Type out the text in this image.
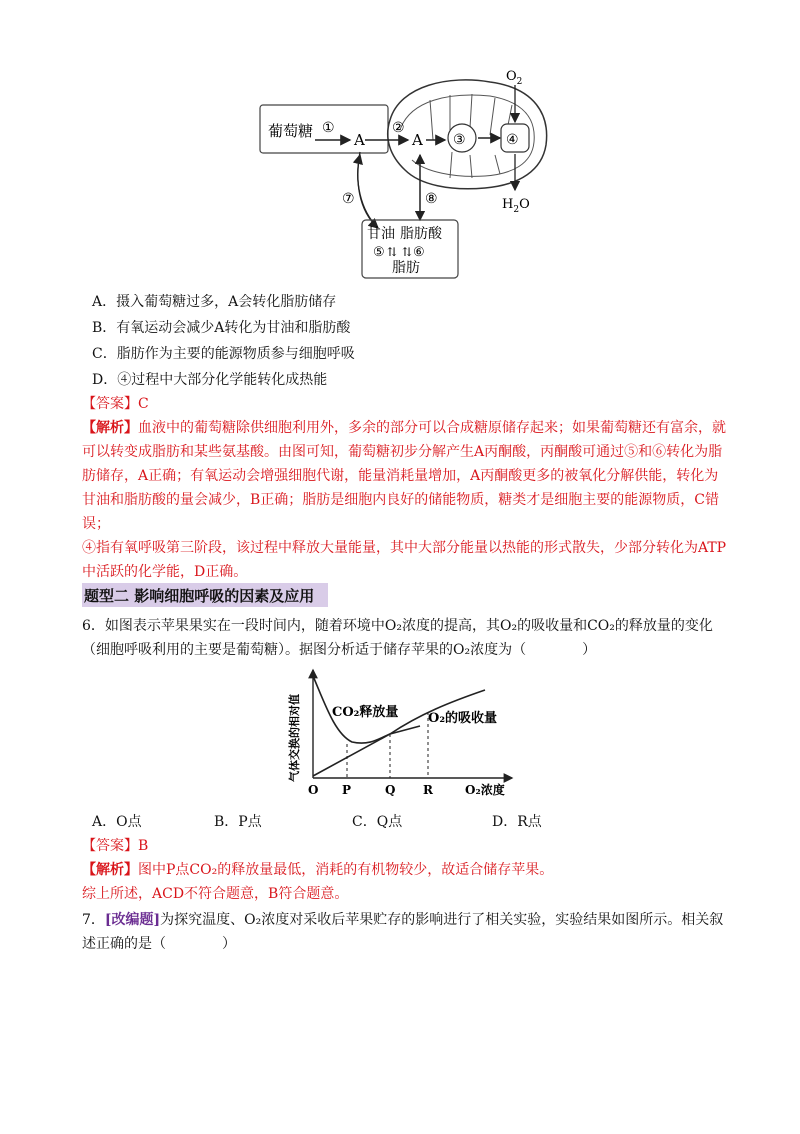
葡萄糖 ①
A
②
A ③	④
$O_2$
$H_2O$
⑦	⑧
甘油 脂肪酸
⑤ ⇅ ⇅ ⑥
脂肪
A．摄入葡萄糖过多，A会转化脂肪储存
B．有氧运动会减少A转化为甘油和脂肪酸
C．脂肪作为主要的能源物质参与细胞呼吸
D．④过程中大部分化学能转化成热能
【答案】C
【解析】血液中的葡萄糖除供细胞利用外，多余的部分可以合成糖原储存起来；如果葡萄糖还有富余，就
可以转变成脂肪和某些氨基酸。由图可知，葡萄糖初步分解产生A丙酮酸，丙酮酸可通过⑤和⑥转化为脂
肪储存，A正确；有氧运动会增强细胞代谢，能量消耗量增加，A丙酮酸更多的被氧化分解供能，转化为
甘油和脂肪酸的量会减少，B正确；脂肪是细胞内良好的储能物质，糖类才是细胞主要的能源物质，C错
误；
④指有氧呼吸第三阶段，该过程中释放大量能量，其中大部分能量以热能的形式散失，少部分转化为ATP
中活跃的化学能，D正确。
题型二 影响细胞呼吸的因素及应用
6．如图表示苹果果实在一段时间内，随着环境中O₂浓度的提高，其O₂的吸收量和CO₂的释放量的变化
（细胞呼吸利用的主要是葡萄糖）。据图分析适于储存苹果的O₂浓度为（　　　　）
气体交换的相对值 CO₂释放量 O₂的吸收量
O P	Q R	O₂浓度
A．O点	B．P点	C．Q点	D．R点
【答案】B
【解析】图中P点CO₂的释放量最低，消耗的有机物较少，故适合储存苹果。
综上所述，ACD不符合题意，B符合题意。
7．[改编题]为探究温度、O₂浓度对采收后苹果贮存的影响进行了相关实验，实验结果如图所示。相关叙
述正确的是（　　　　）
